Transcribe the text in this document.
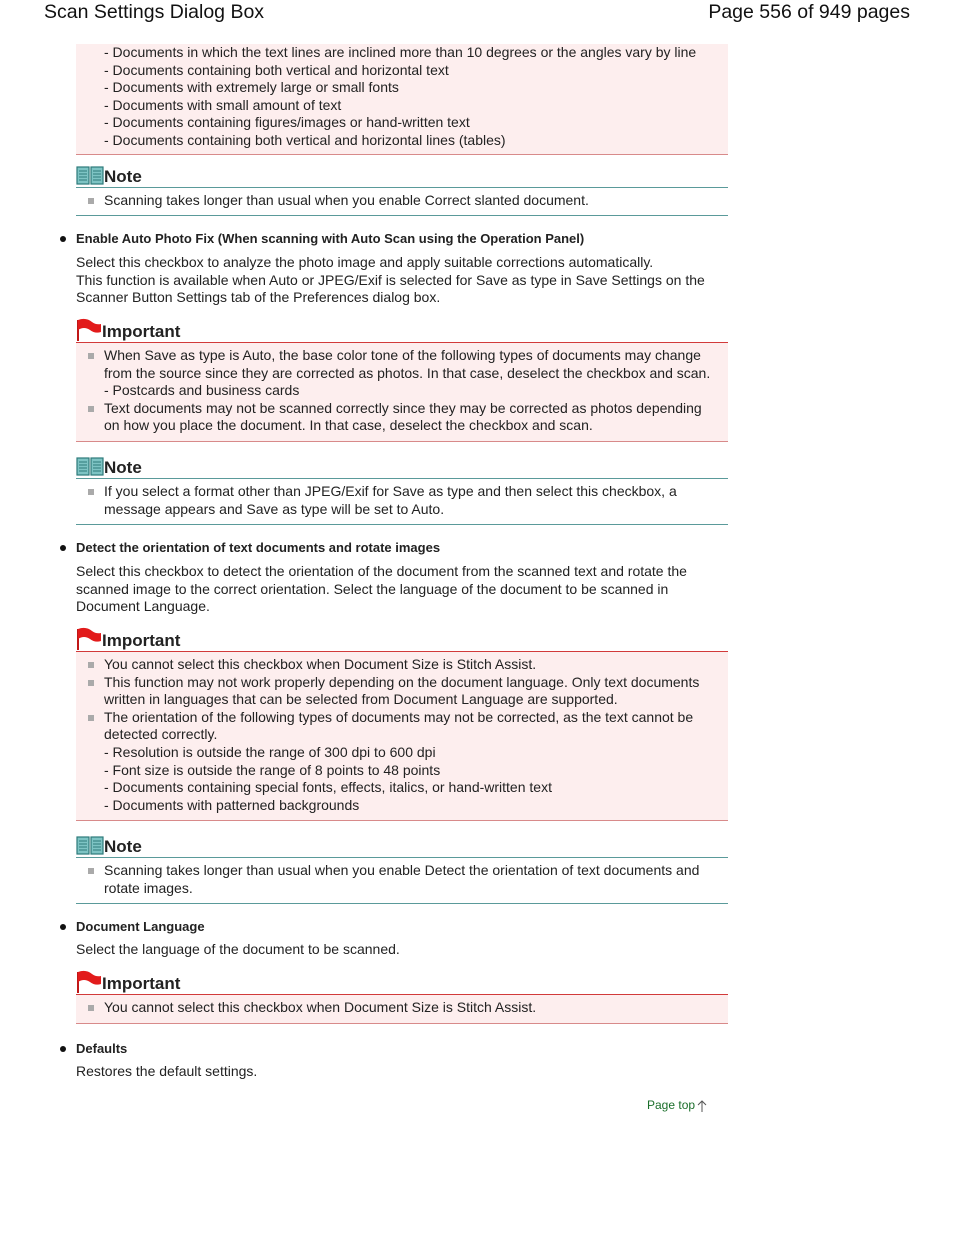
Scan Settings Dialog Box	Page 556 of 949 pages
- Documents in which the text lines are inclined more than 10 degrees or the angles vary by line
- Documents containing both vertical and horizontal text
- Documents with extremely large or small fonts
- Documents with small amount of text
- Documents containing figures/images or hand-written text
- Documents containing both vertical and horizontal lines (tables)
Note
Scanning takes longer than usual when you enable Correct slanted document.
Enable Auto Photo Fix (When scanning with Auto Scan using the Operation Panel)
Select this checkbox to analyze the photo image and apply suitable corrections automatically.
This function is available when Auto or JPEG/Exif is selected for Save as type in Save Settings on the
Scanner Button Settings tab of the Preferences dialog box.
Important
When Save as type is Auto, the base color tone of the following types of documents may change
from the source since they are corrected as photos. In that case, deselect the checkbox and scan.
- Postcards and business cards
Text documents may not be scanned correctly since they may be corrected as photos depending
on how you place the document. In that case, deselect the checkbox and scan.
Note
If you select a format other than JPEG/Exif for Save as type and then select this checkbox, a
message appears and Save as type will be set to Auto.
Detect the orientation of text documents and rotate images
Select this checkbox to detect the orientation of the document from the scanned text and rotate the
scanned image to the correct orientation. Select the language of the document to be scanned in
Document Language.
Important
You cannot select this checkbox when Document Size is Stitch Assist.
This function may not work properly depending on the document language. Only text documents
written in languages that can be selected from Document Language are supported.
The orientation of the following types of documents may not be corrected, as the text cannot be
detected correctly.
- Resolution is outside the range of 300 dpi to 600 dpi
- Font size is outside the range of 8 points to 48 points
- Documents containing special fonts, effects, italics, or hand-written text
- Documents with patterned backgrounds
Note
Scanning takes longer than usual when you enable Detect the orientation of text documents and
rotate images.
Document Language
Select the language of the document to be scanned.
Important
You cannot select this checkbox when Document Size is Stitch Assist.
Defaults
Restores the default settings.
Page top
